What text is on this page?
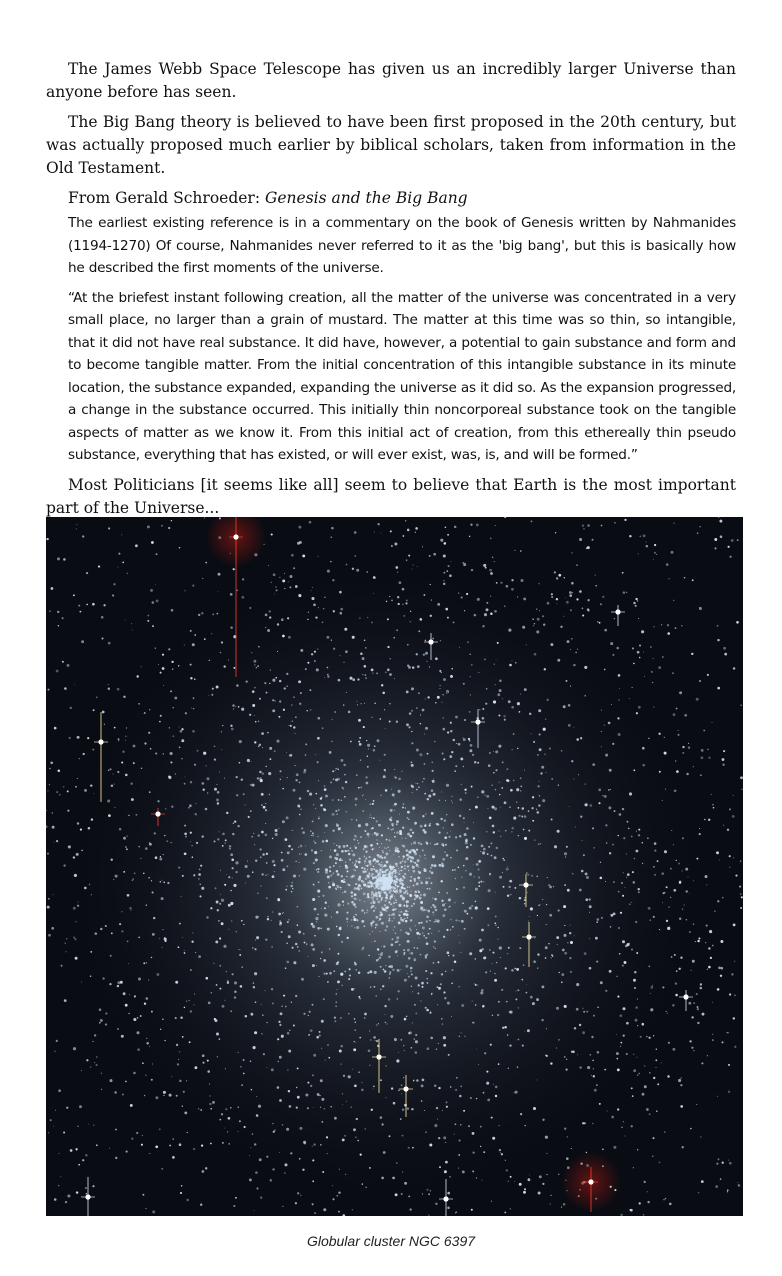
The James Webb Space Telescope has given us an incredibly larger Universe than anyone before has seen.

The Big Bang theory is believed to have been first proposed in the 20th century, but was actually proposed much earlier by biblical scholars, taken from information in the Old Testament.

From Gerald Schroeder: Genesis and the Big Bang

The earliest existing reference is in a commentary on the book of Genesis written by Nahmanides (1194-1270) Of course, Nahmanides never referred to it as the 'big bang', but this is basically how he described the first moments of the universe.

“At the briefest instant following creation, all the matter of the universe was concentrated in a very small place, no larger than a grain of mustard. The matter at this time was so thin, so intangible, that it did not have real substance. It did have, however, a potential to gain substance and form and to become tangible matter. From the initial concentration of this intangible substance in its minute location, the substance expanded, expanding the universe as it did so. As the expansion progressed, a change in the substance occurred. This initially thin noncorporeal substance took on the tangible aspects of matter as we know it. From this initial act of creation, from this ethereally thin pseudo substance, everything that has existed, or will ever exist, was, is, and will be formed.”

Most Politicians [it seems like all] seem to believe that Earth is the most important part of the Universe...

Globular cluster NGC 6397
